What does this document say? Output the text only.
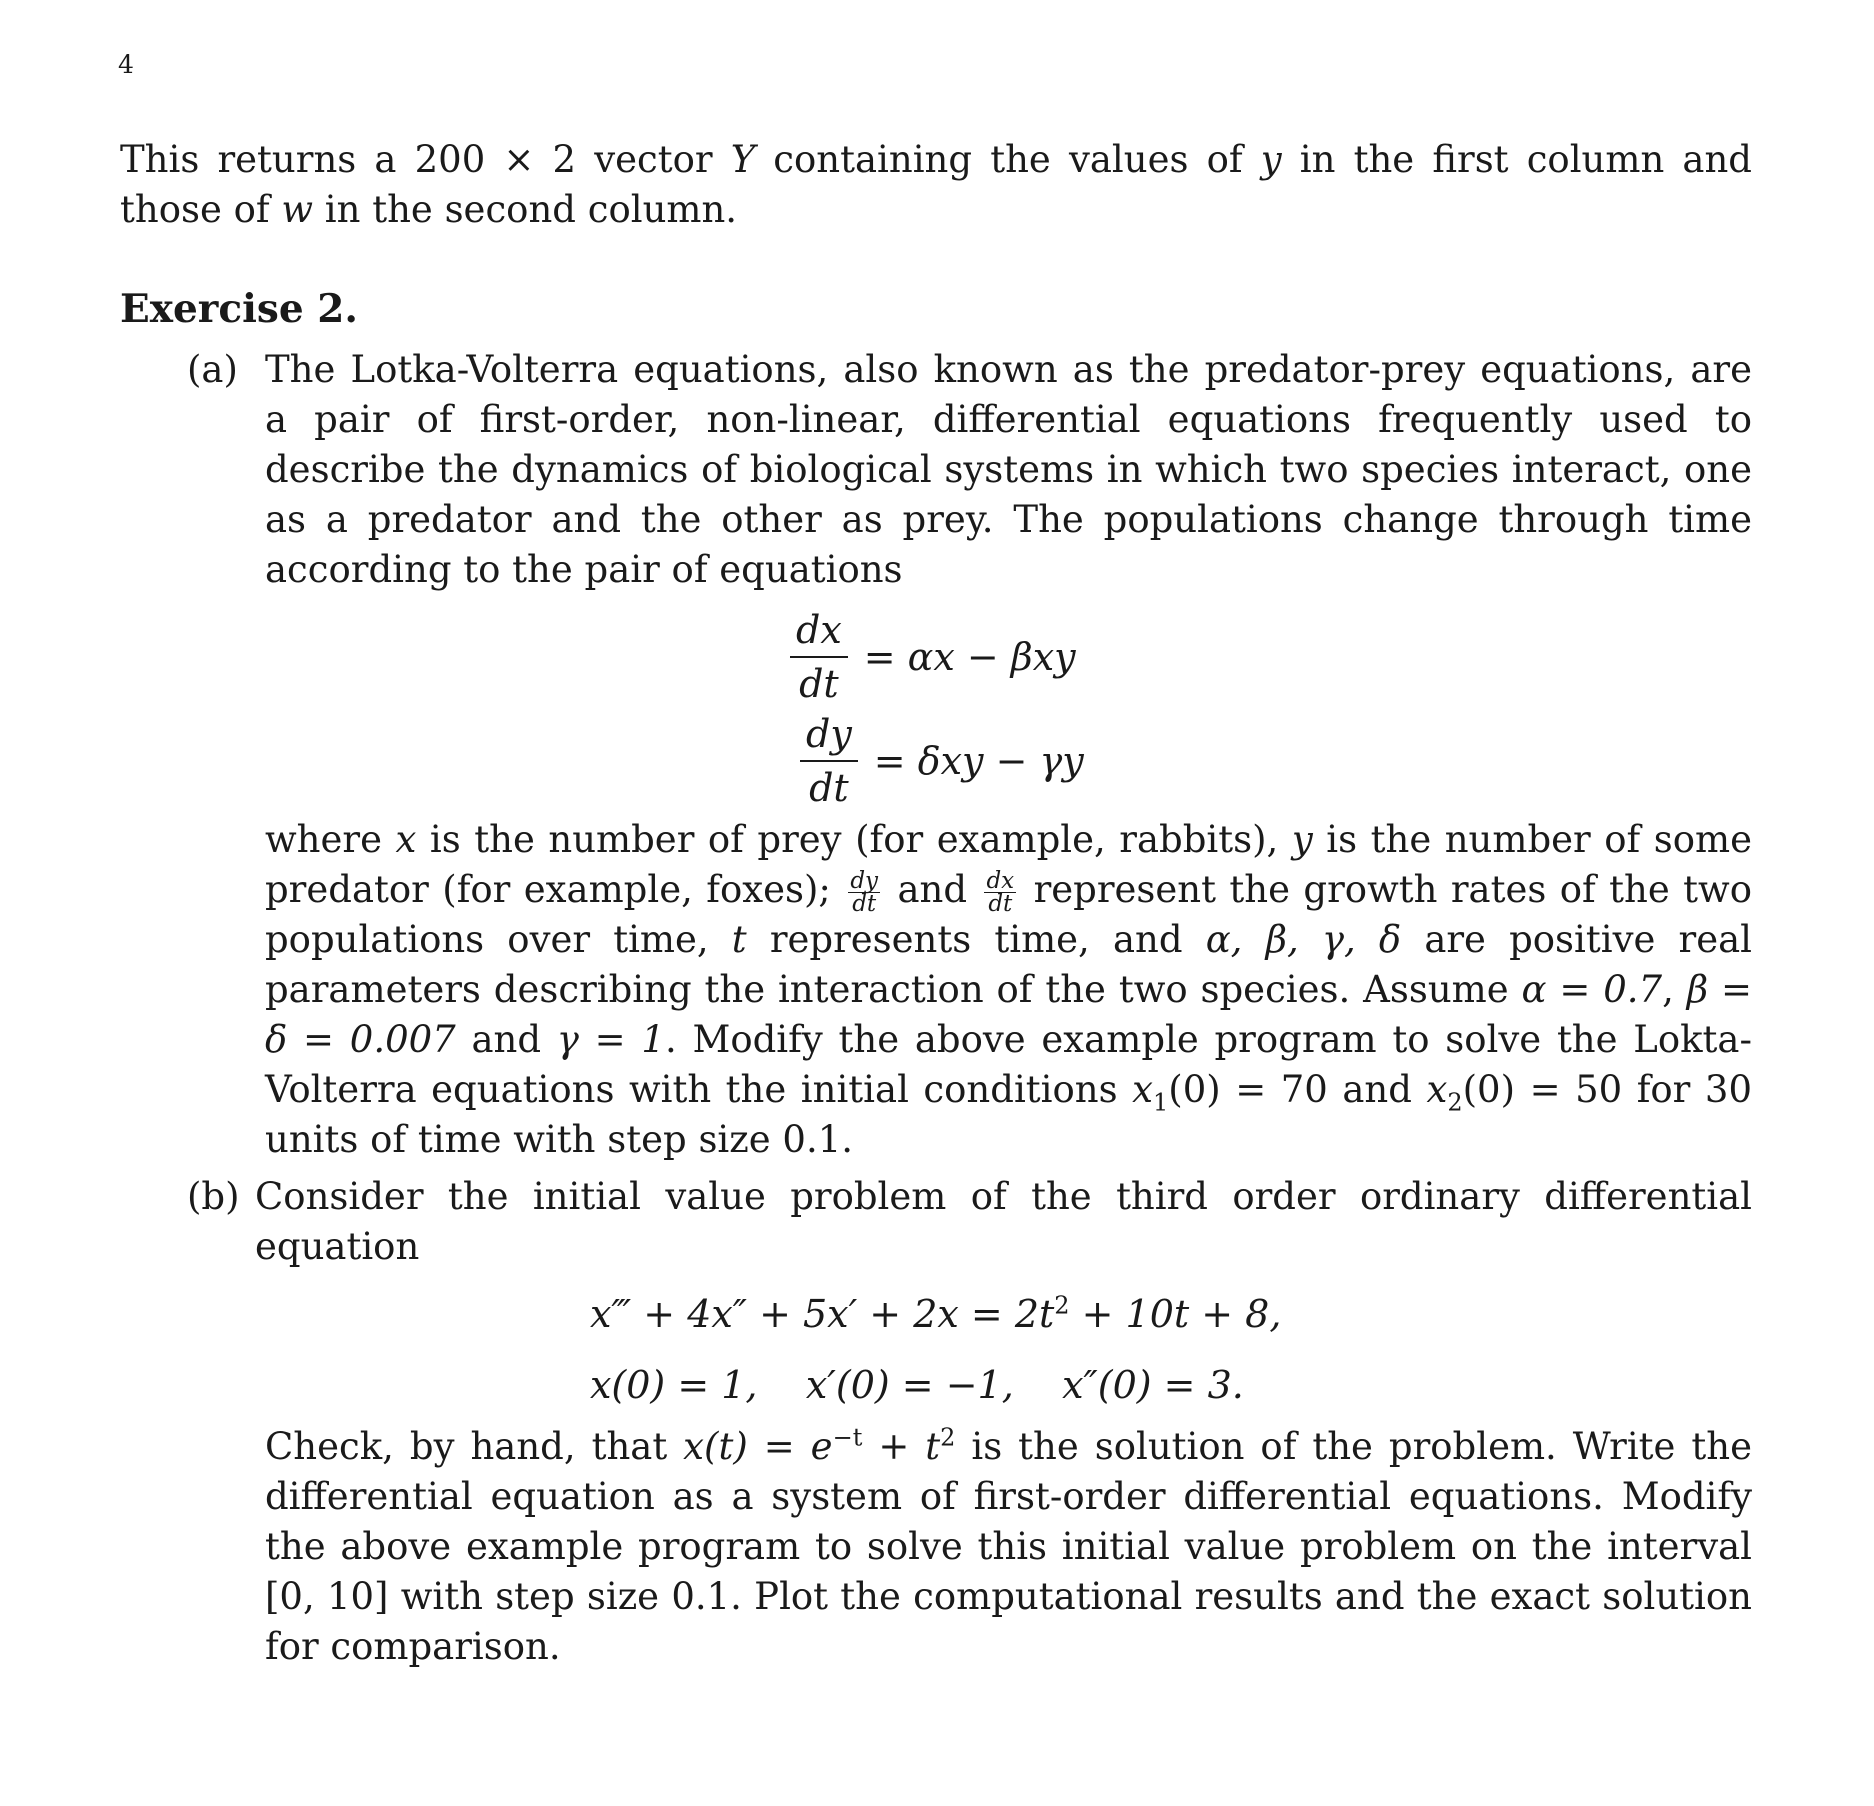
4
This returns a 200 × 2 vector Y containing the values of y in the first column and those of w in the second column.
Exercise 2.
(a) The Lotka-Volterra equations, also known as the predator-prey equations, are a pair of first-order, non-linear, differential equations frequently used to describe the dynamics of biological systems in which two species interact, one as a predator and the other as prey. The populations change through time according to the pair of equations
$\frac{dx}{dt} = \alpha x - \beta xy$
$\frac{dy}{dt} = \delta xy - \gamma y$
where x is the number of prey (for example, rabbits), y is the number of some predator (for example, foxes); $\frac{dy}{dt}$ and $\frac{dx}{dt}$ represent the growth rates of the two populations over time, t represents time, and α, β, γ, δ are positive real parameters describing the interaction of the two species. Assume α = 0.7, β = δ = 0.007 and γ = 1. Modify the above example program to solve the Lokta-Volterra equations with the initial conditions $x_1(0) = 70$ and $x_2(0) = 50$ for 30 units of time with step size 0.1.
(b) Consider the initial value problem of the third order ordinary differential equation
x‴ + $4x'' + 5x' + 2x = 2t^2 + 10t + 8$,
x(0) = 1,    x′(0) = −1,    x″(0) = 3.
Check, by hand, that $x(t) = e^{-t} + t^2$ is the solution of the problem. Write the differential equation as a system of first-order differential equations. Modify the above example program to solve this initial value problem on the interval [0, 10] with step size 0.1. Plot the computational results and the exact solution for comparison.
